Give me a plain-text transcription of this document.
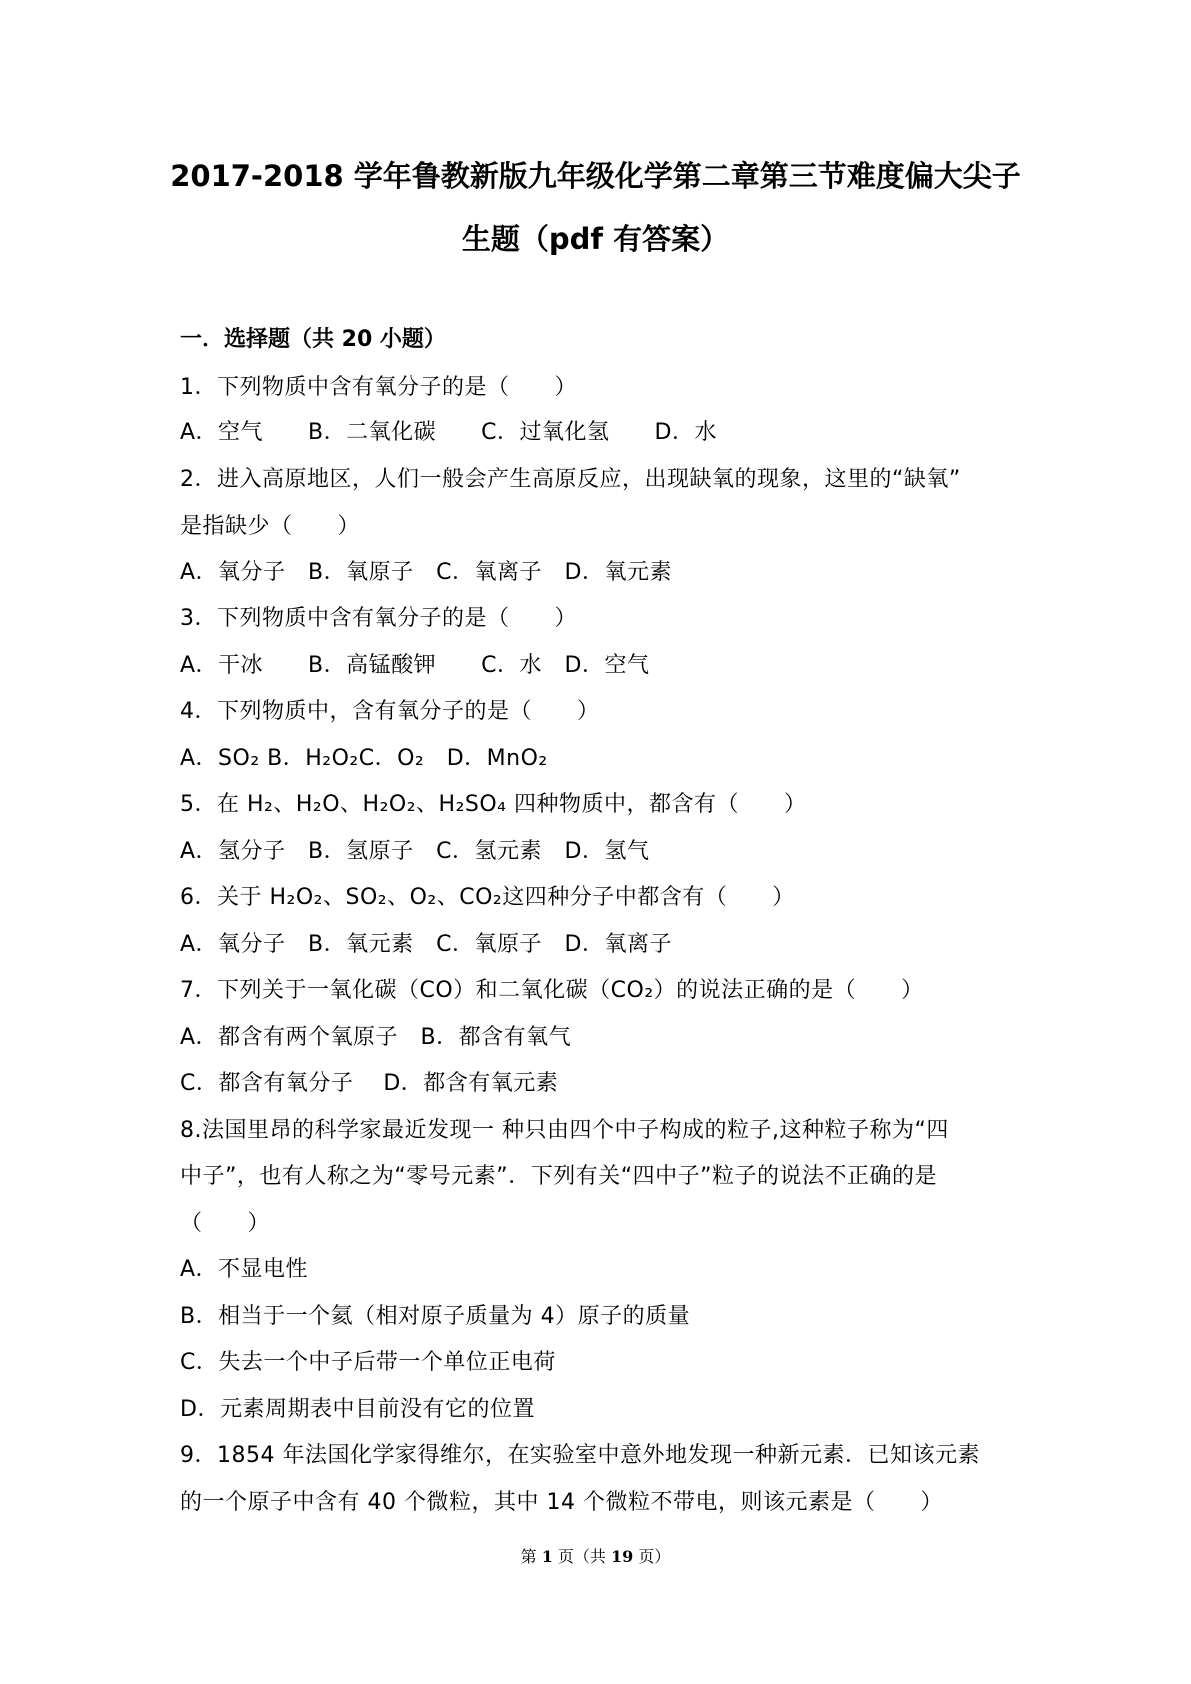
2017-2018 学年鲁教新版九年级化学第二章第三节难度偏大尖子
生题（pdf 有答案）
一．选择题（共 20 小题）
1．下列物质中含有氧分子的是（　　）
A．空气　　B．二氧化碳　　C．过氧化氢　　D．水
2．进入高原地区，人们一般会产生高原反应，出现缺氧的现象，这里的“缺氧”
是指缺少（　　）
A．氧分子　B．氧原子　C．氧离子　D．氧元素
3．下列物质中含有氧分子的是（　　）
A．干冰　　B．高锰酸钾　　C．水　D．空气
4．下列物质中，含有氧分子的是（　　）
A．SO₂ B．H₂O₂C．O₂　D．MnO₂
5．在 H₂、H₂O、H₂O₂、H₂SO₄ 四种物质中，都含有（　　）
A．氢分子　B．氢原子　C．氢元素　D．氢气
6．关于 H₂O₂、SO₂、O₂、CO₂这四种分子中都含有（　　）
A．氧分子　B．氧元素　C．氧原子　D．氧离子
7．下列关于一氧化碳（CO）和二氧化碳（CO₂）的说法正确的是（　　）
A．都含有两个氧原子　B．都含有氧气
C．都含有氧分子　 D．都含有氧元素
8.法国里昂的科学家最近发现一 种只由四个中子构成的粒子,这种粒子称为“四
中子”，也有人称之为“零号元素”．下列有关“四中子”粒子的说法不正确的是
（　　）
A．不显电性
B．相当于一个氦（相对原子质量为 4）原子的质量
C．失去一个中子后带一个单位正电荷
D．元素周期表中目前没有它的位置
9．1854 年法国化学家得维尔，在实验室中意外地发现一种新元素．已知该元素
的一个原子中含有 40 个微粒，其中 14 个微粒不带电，则该元素是（　　）
第 1 页（共 19 页）
